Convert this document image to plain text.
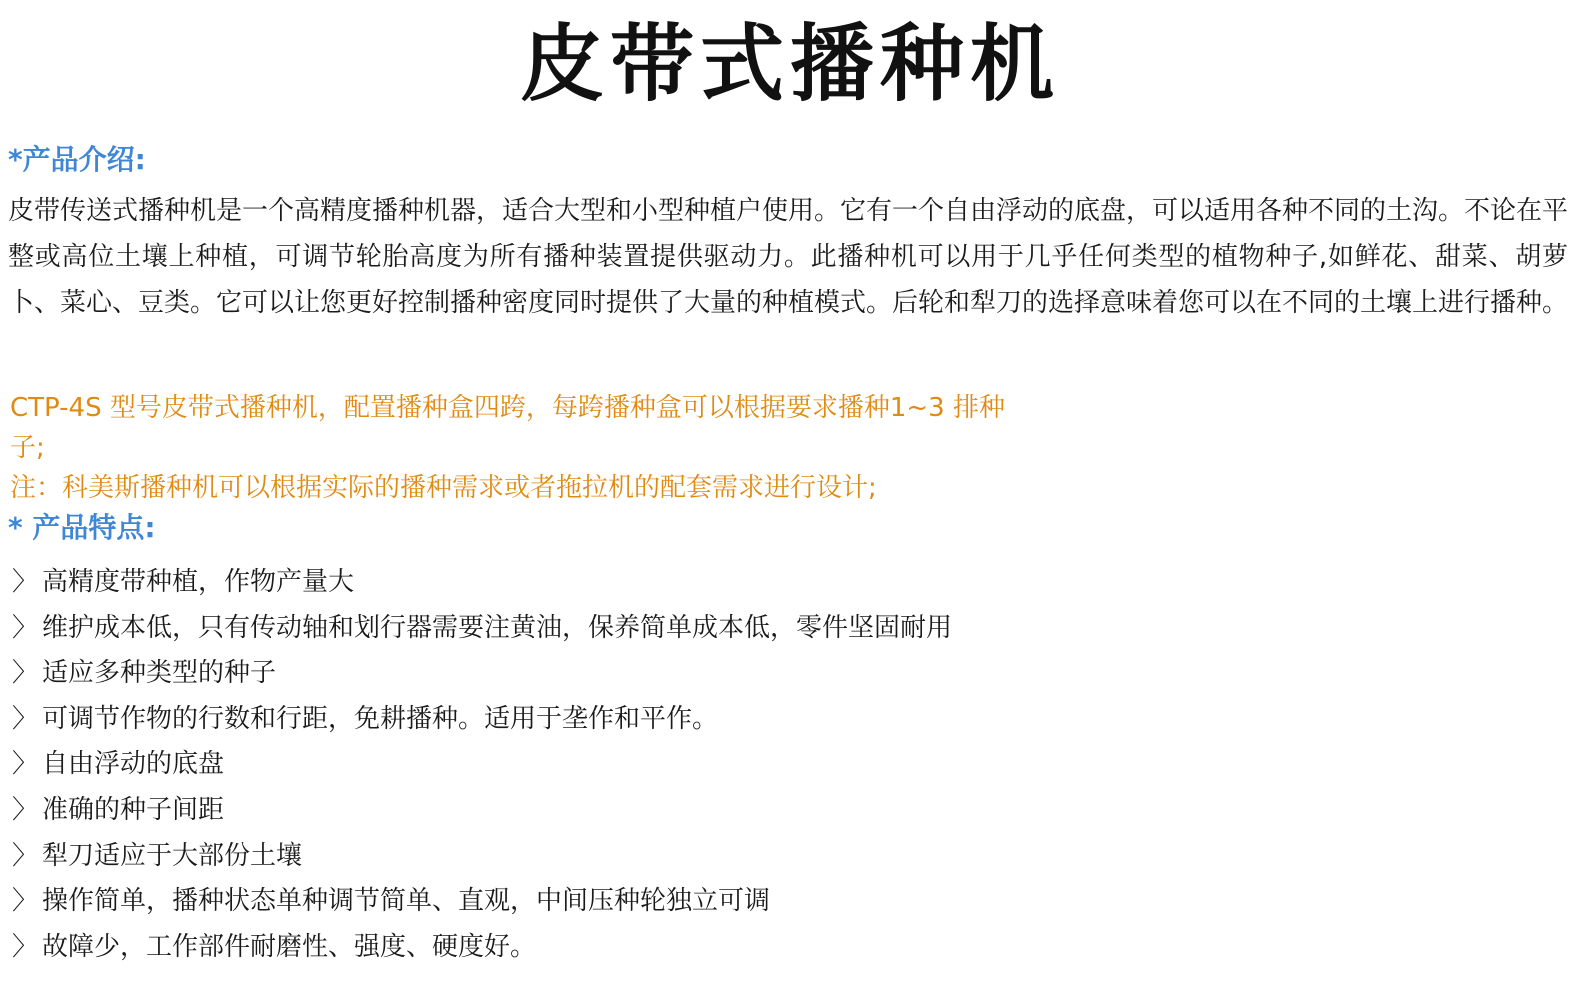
皮带式播种机
*产品介绍:

皮带传送式播种机是一个高精度播种机器，适合大型和小型种植户使用。它有一个自由浮动的底盘，可以适用各种不同的土沟。不论在平整或高位土壤上种植，可调节轮胎高度为所有播种装置提供驱动力。此播种机可以用于几乎任何类型的植物种子,如鲜花、甜菜、胡萝卜、菜心、豆类。它可以让您更好控制播种密度同时提供了大量的种植模式。后轮和犁刀的选择意味着您可以在不同的土壤上进行播种。

CTP-4S 型号皮带式播种机，配置播种盒四跨，每跨播种盒可以根据要求播种1~3 排种
子;
注：科美斯播种机可以根据实际的播种需求或者拖拉机的配套需求进行设计;
* 产品特点:
〉 高精度带种植，作物产量大
〉 维护成本低，只有传动轴和划行器需要注黄油，保养简单成本低，零件坚固耐用
〉 适应多种类型的种子
〉 可调节作物的行数和行距，免耕播种。适用于垄作和平作。
〉 自由浮动的底盘
〉 准确的种子间距
〉 犁刀适应于大部份土壤
〉 操作简单，播种状态单种调节简单、直观，中间压种轮独立可调
〉 故障少，工作部件耐磨性、强度、硬度好。
